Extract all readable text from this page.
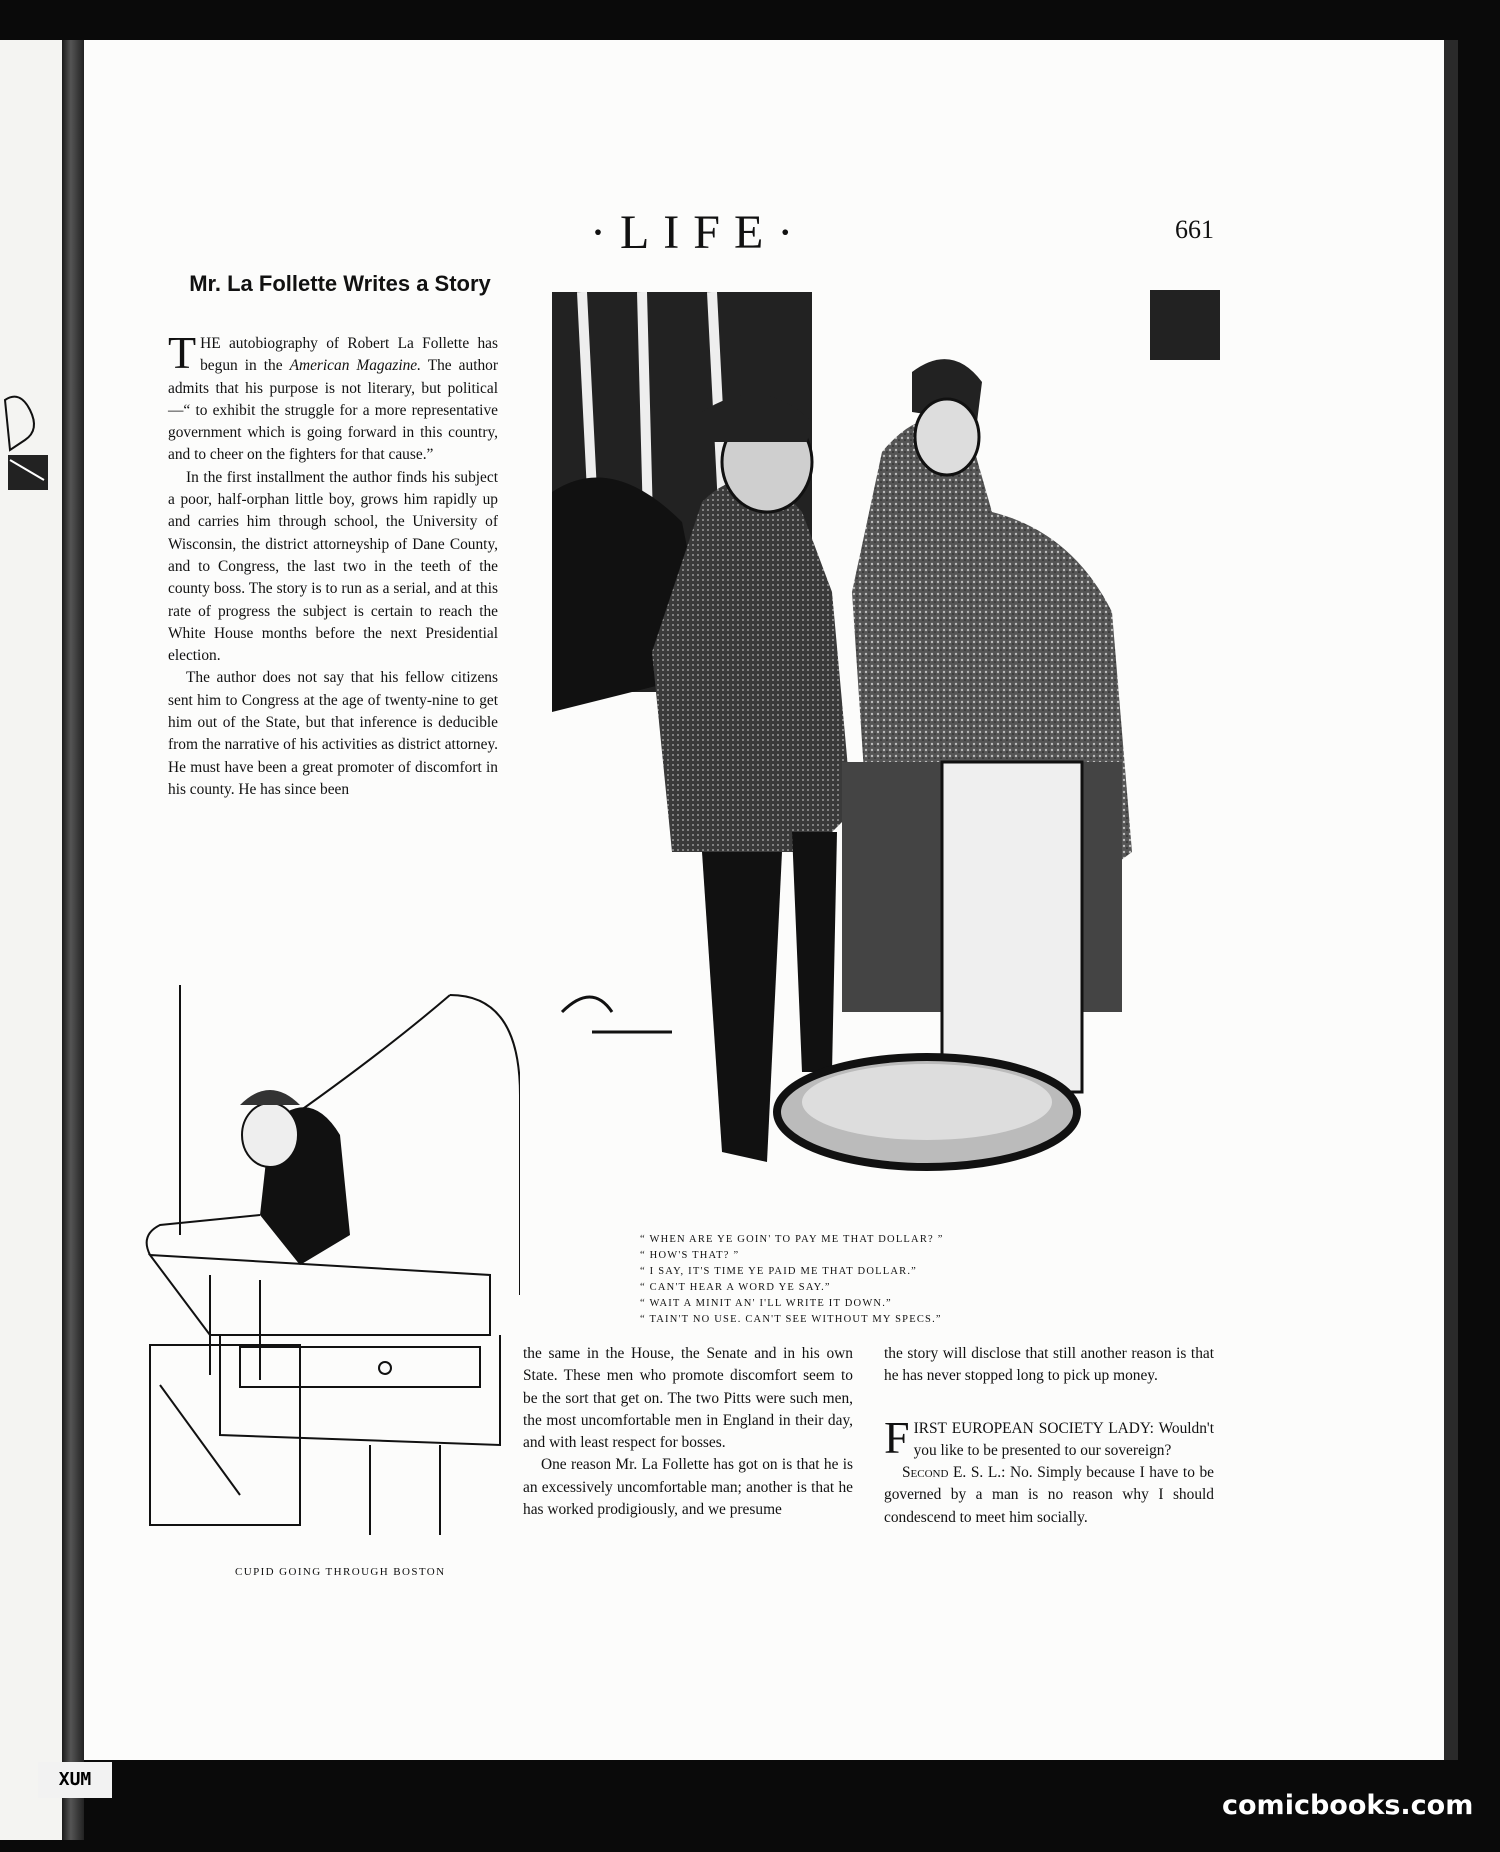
·LIFE·	661
Mr. La Follette Writes a Story

THE autobiography of Robert La Follette has begun in the American Magazine. The author admits that his purpose is not literary, but political—“ to exhibit the struggle for a more representative government which is going forward in this country, and to cheer on the fighters for that cause.”

In the first installment the author finds his subject a poor, half-orphan little boy, grows him rapidly up and carries him through school, the University of Wisconsin, the district attorneyship of Dane County, and to Congress, the last two in the teeth of the county boss. The story is to run as a serial, and at this rate of progress the subject is certain to reach the White House months before the next Presidential election.

The author does not say that his fellow citizens sent him to Congress at the age of twenty-nine to get him out of the State, but that inference is deducible from the narrative of his activities as district attorney. He must have been a great promoter of discomfort in his county. He has since been

the same in the House, the Senate and in his own State. These men who promote discomfort seem to be the sort that get on. The two Pitts were such men, the most uncomfortable men in England in their day, and with least respect for bosses.

One reason Mr. La Follette has got on is that he is an excessively uncomfortable man; another is that he has worked prodigiously, and we presume

the story will disclose that still another reason is that he has never stopped long to pick up money.

FIRST EUROPEAN SOCIETY LADY: Wouldn't you like to be presented to our sovereign?

Second E. S. L.: No. Simply because I have to be governed by a man is no reason why I should condescend to meet him socially.

“ WHEN ARE YE GOIN' TO PAY ME THAT DOLLAR? ”
“ HOW'S THAT? ”
“ I SAY, IT'S TIME YE PAID ME THAT DOLLAR.”
“ CAN'T HEAR A WORD YE SAY.”
“ WAIT A MINIT AN' I'LL WRITE IT DOWN.”
“ TAIN'T NO USE. CAN'T SEE WITHOUT MY SPECS.”
CUPID GOING THROUGH BOSTON
XUM
comicbooks.com
